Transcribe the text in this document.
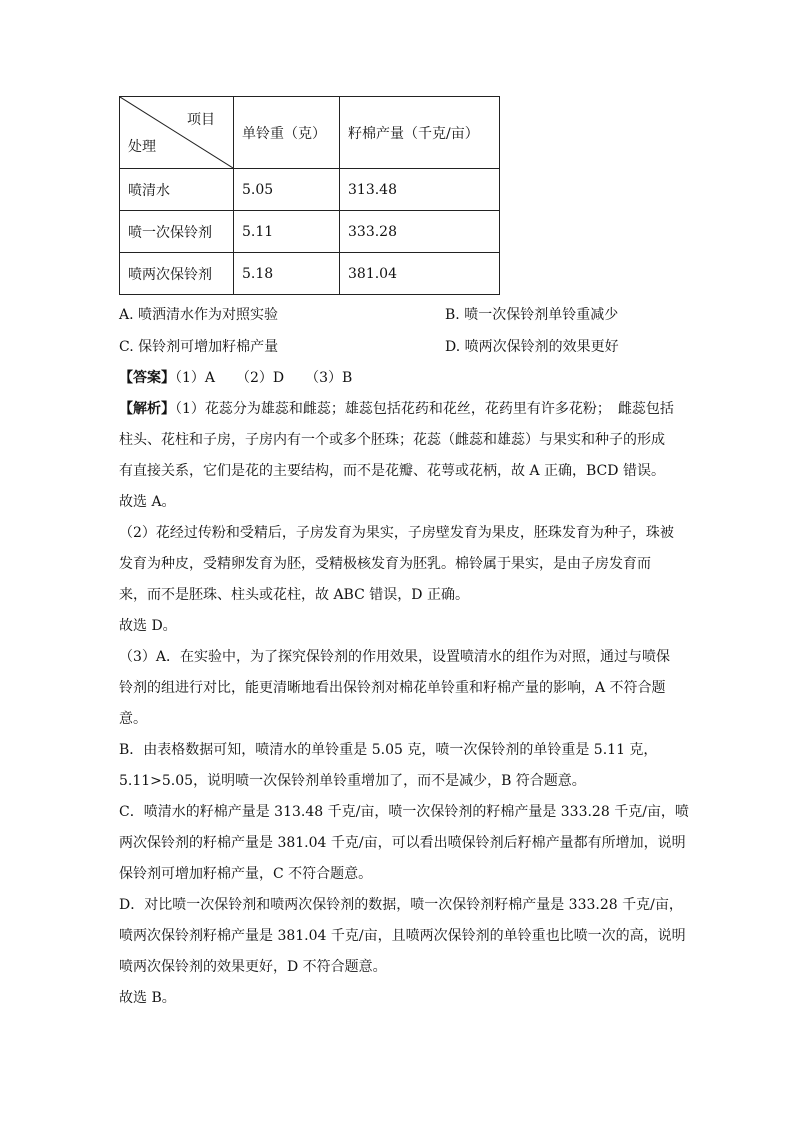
项目
处理	单铃重（克）	籽棉产量（千克/亩）
喷清水	5.05	313.48
喷一次保铃剂	5.11	333.28
喷两次保铃剂	5.18	381.04
A. 喷洒清水作为对照实验	B. 喷一次保铃剂单铃重减少
C. 保铃剂可增加籽棉产量	D. 喷两次保铃剂的效果更好
【答案】（1）A　　（2）D　　（3）B
【解析】（1）花蕊分为雄蕊和雌蕊；雄蕊包括花药和花丝，花药里有许多花粉；　雌蕊包括
柱头、花柱和子房，子房内有一个或多个胚珠；花蕊（雌蕊和雄蕊）与果实和种子的形成
有直接关系，它们是花的主要结构，而不是花瓣、花萼或花柄，故 A 正确，BCD 错误。
故选 A。
（2）花经过传粉和受精后，子房发育为果实，子房壁发育为果皮，胚珠发育为种子，珠被
发育为种皮，受精卵发育为胚，受精极核发育为胚乳。棉铃属于果实，是由子房发育而
来，而不是胚珠、柱头或花柱，故 ABC 错误，D 正确。
故选 D。
（3）A．在实验中，为了探究保铃剂的作用效果，设置喷清水的组作为对照，通过与喷保
铃剂的组进行对比，能更清晰地看出保铃剂对棉花单铃重和籽棉产量的影响，A 不符合题
意。
B．由表格数据可知，喷清水的单铃重是 5.05 克，喷一次保铃剂的单铃重是 5.11 克，
5.11>5.05，说明喷一次保铃剂单铃重增加了，而不是减少，B 符合题意。
C．喷清水的籽棉产量是 313.48 千克/亩，喷一次保铃剂的籽棉产量是 333.28 千克/亩，喷
两次保铃剂的籽棉产量是 381.04 千克/亩，可以看出喷保铃剂后籽棉产量都有所增加，说明
保铃剂可增加籽棉产量，C 不符合题意。
D．对比喷一次保铃剂和喷两次保铃剂的数据，喷一次保铃剂籽棉产量是 333.28 千克/亩，
喷两次保铃剂籽棉产量是 381.04 千克/亩，且喷两次保铃剂的单铃重也比喷一次的高，说明
喷两次保铃剂的效果更好，D 不符合题意。
故选 B。
